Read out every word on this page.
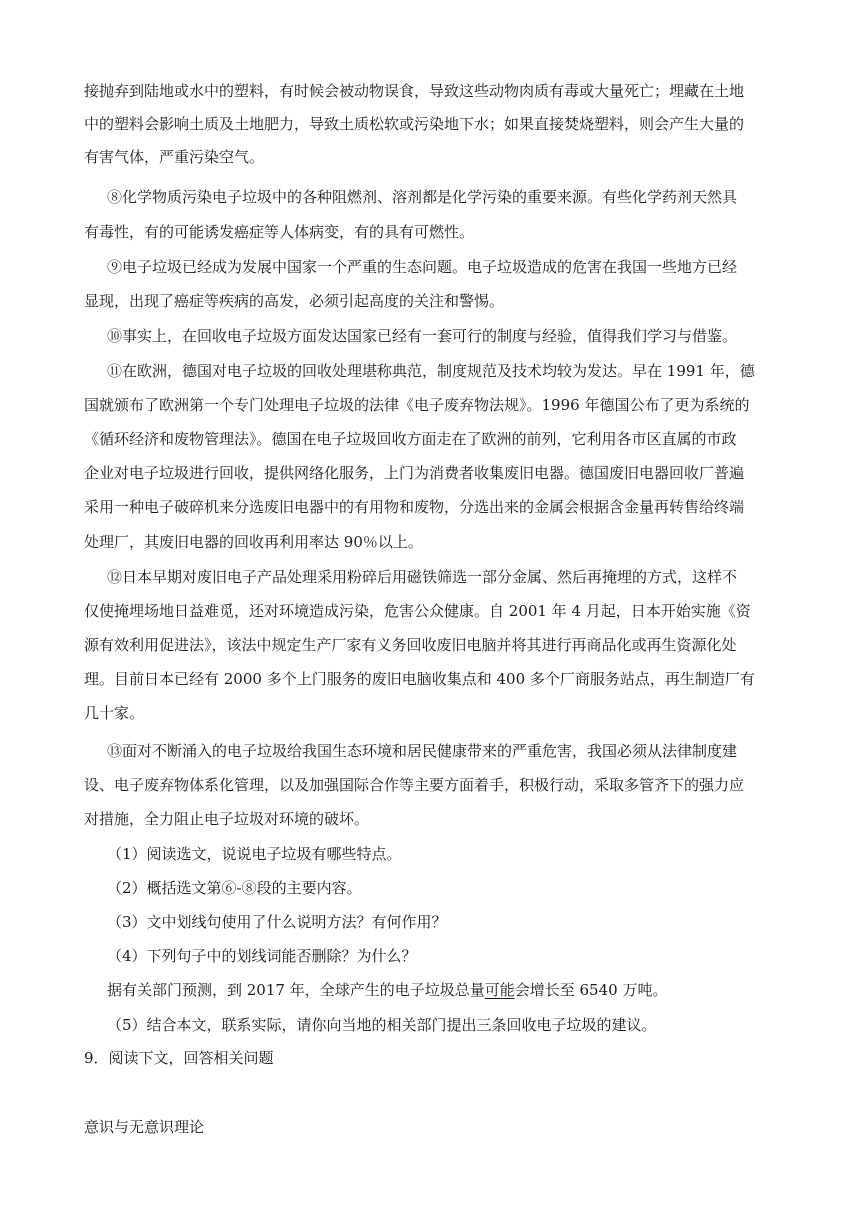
接抛弃到陆地或水中的塑料，有时候会被动物误食，导致这些动物肉质有毒或大量死亡；埋藏在土地
中的塑料会影响土质及土地肥力，导致土质松软或污染地下水；如果直接焚烧塑料，则会产生大量的
有害气体，严重污染空气。
⑧化学物质污染电子垃圾中的各种阻燃剂、溶剂都是化学污染的重要来源。有些化学药剂天然具
有毒性，有的可能诱发癌症等人体病变，有的具有可燃性。
⑨电子垃圾已经成为发展中国家一个严重的生态问题。电子垃圾造成的危害在我国一些地方已经
显现，出现了癌症等疾病的高发，必须引起高度的关注和警惕。
⑩事实上，在回收电子垃圾方面发达国家已经有一套可行的制度与经验，值得我们学习与借鉴。
⑪在欧洲，德国对电子垃圾的回收处理堪称典范，制度规范及技术均较为发达。早在 1991 年，德
国就颁布了欧洲第一个专门处理电子垃圾的法律《电子废弃物法规》。1996 年德国公布了更为系统的
《循环经济和废物管理法》。德国在电子垃圾回收方面走在了欧洲的前列，它利用各市区直属的市政
企业对电子垃圾进行回收，提供网络化服务，上门为消费者收集废旧电器。德国废旧电器回收厂普遍
采用一种电子破碎机来分选废旧电器中的有用物和废物，分选出来的金属会根据含金量再转售给终端
处理厂，其废旧电器的回收再利用率达 90％以上。
⑫日本早期对废旧电子产品处理采用粉碎后用磁铁筛选一部分金属、然后再掩埋的方式，这样不
仅使掩埋场地日益难觅，还对环境造成污染，危害公众健康。自 2001 年 4 月起，日本开始实施《资
源有效利用促进法》，该法中规定生产厂家有义务回收废旧电脑并将其进行再商品化或再生资源化处
理。目前日本已经有 2000 多个上门服务的废旧电脑收集点和 400 多个厂商服务站点，再生制造厂有
几十家。
⑬面对不断涌入的电子垃圾给我国生态环境和居民健康带来的严重危害，我国必须从法律制度建
设、电子废弃物体系化管理，以及加强国际合作等主要方面着手，积极行动，采取多管齐下的强力应
对措施，全力阻止电子垃圾对环境的破坏。
（1）阅读选文，说说电子垃圾有哪些特点。
（2）概括选文第⑥-⑧段的主要内容。
（3）文中划线句使用了什么说明方法？有何作用？
（4）下列句子中的划线词能否删除？为什么？
据有关部门预测，到 2017 年，全球产生的电子垃圾总量可能会增长至 6540 万吨。
（5）结合本文，联系实际，请你向当地的相关部门提出三条回收电子垃圾的建议。
9．阅读下文，回答相关问题
意识与无意识理论
